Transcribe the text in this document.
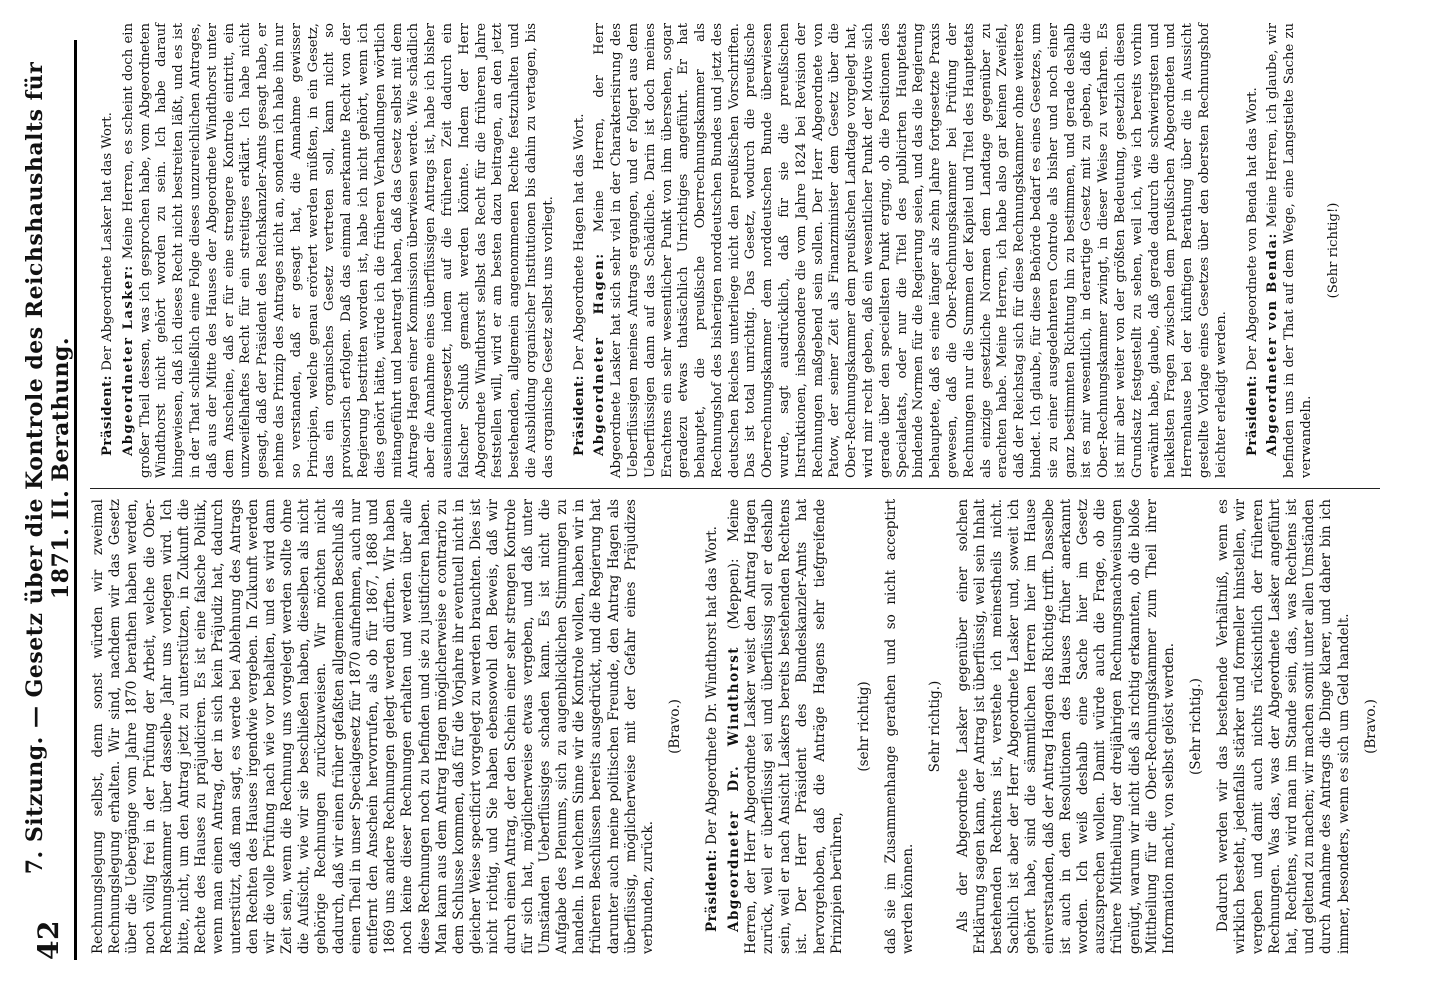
42
7. Sitzung. — Gesetz über die Kontrole des Reichshaushalts für 1871. II. Berathung.

Rechnungslegung selbst, denn sonst würden wir zweimal Rechnungslegung erhalten. Wir sind, nachdem wir das Gesetz über die Uebergänge vom Jahre 1870 berathen haben werden, noch völlig frei in der Prüfung der Arbeit, welche die Ober-Rechnungskammer über dasselbe Jahr uns vorlegen wird. Ich bitte, nicht, um den Antrag jetzt zu unterstützen, in Zukunft die Rechte des Hauses zu präjudiciren. Es ist eine falsche Politik, wenn man einen Antrag, der in sich kein Präjudiz hat, dadurch unterstützt, daß man sagt, es werde bei Ablehnung des Antrags den Rechten des Hauses irgendwie vergeben. In Zukunft werden wir die volle Prüfung nach wie vor behalten, und es wird dann Zeit sein, wenn die Rechnung uns vorgelegt werden sollte ohne die Aufsicht, wie wir sie beschließen haben, dieselben als nicht gehörige Rechnungen zurückzuweisen. Wir möchten nicht dadurch, daß wir einen früher gefaßten allgemeinen Beschluß als einen Theil in unser Specialgesetz für 1870 aufnehmen, auch nur entfernt den Anschein hervorrufen, als ob für 1867, 1868 und 1869 uns andere Rechnungen gelegt werden dürften. Wir haben noch keine dieser Rechnungen erhalten und werden über alle diese Rechnungen noch zu befinden und sie zu justificiren haben. Man kann aus dem Antrag Hagen möglicherweise e contrario zu dem Schlusse kommen, daß für die Vorjahre ihr eventuell nicht in gleicher Weise specificirt vorgelegt zu werden brauchten. Dies ist nicht richtig, und Sie haben ebensowohl den Beweis, daß wir durch einen Antrag, der den Schein einer sehr strengen Kontrole für sich hat, möglicherweise etwas vergeben, und daß unter Umständen Ueberflüssiges schaden kann. Es ist nicht die Aufgabe des Plenums, sich zu augenblicklichen Stimmungen zu handeln. In welchem Sinne wir die Kontrole wollen, haben wir in früheren Beschlüssen bereits ausgedrückt, und die Regierung hat darunter auch meine politischen Freunde, den Antrag Hagen als überflüssig, möglicherweise mit der Gefahr eines Präjudizes verbunden, zurück.

(Bravo.)

Präsident: Der Abgeordnete Dr. Windthorst hat das Wort. Abgeordneter Dr. Windthorst (Meppen): Meine Herren, der Herr Abgeordnete Lasker weist den Antrag Hagen zurück, weil er überflüssig sei und überflüssig soll er deshalb sein, weil er nach Ansicht Laskers bereits bestehenden Rechtens ist. Der Herr Präsident des Bundeskanzler-Amts hat hervorgehoben, daß die Anträge Hagens sehr tiefgreifende Prinzipien berühren,

(sehr richtig) daß sie im Zusammenhange gerathen und so nicht acceptirt werden können.

Sehr richtig.) Als der Abgeordnete Lasker gegenüber einer solchen Erklärung sagen kann, der Antrag ist überflüssig, weil sein Inhalt bestehenden Rechtens ist, verstehe ich meinestheils nicht. Sachlich ist aber der Herr Abgeordnete Lasker und, soweit ich gehört habe, sind die sämmtlichen Herren hier im Hause einverstanden, daß der Antrag Hagen das Richtige trifft. Dasselbe ist auch in den Resolutionen des Hauses früher anerkannt worden. Ich weiß deshalb eine Sache hier im Gesetz auszusprechen wollen. Damit würde auch die Frage, ob die frühere Mittheilung der dreijährigen Rechnungsnachweisungen genügt, warum wir nicht dieß als richtig erkannten, ob die bloße Mittheilung für die Ober-Rechnungskammer zum Theil ihrer Information macht, von selbst gelöst werden. (Sehr richtig.) Dadurch werden wir das bestehende Verhältniß, wenn es wirklich besteht, jedenfalls stärker und formeller hinstellen, wir vergeben und damit auch nichts rücksichtlich der früheren Rechnungen. Was das, was der Abgeordnete Lasker angeführt hat, Rechtens, wird man im Stande sein, das, was Rechtens ist und geltend zu machen; wir machen somit unter allen Umständen durch Annahme des Antrags die Dinge klarer, und daher bin ich immer, besonders, wenn es sich um Geld handelt. (Bravo.)

Präsident: Der Abgeordnete Lasker hat das Wort. Abgeordneter Lasker: Meine Herren, es scheint doch ein großer Theil dessen, was ich gesprochen habe, vom Abgeordneten Windthorst nicht gehört worden zu sein. Ich habe darauf hingewiesen, daß ich dieses Recht nicht bestreiten läßt, und es ist in der That schließlich eine Folge dieses unzureichlichen Antrages, daß aus der Mitte des Hauses der Abgeordnete Windthorst unter dem Anscheine, daß er für eine strengere Kontrole eintritt, ein unzweifelhaftes Recht für ein streitiges erklärt. Ich habe nicht gesagt, daß der Präsident des Reichskanzler-Amts gesagt habe, er nehme das Prinzip des Antrages nicht an, sondern ich habe ihn nur so verstanden, daß er gesagt hat, die Annahme gewisser Principien, welche genau erörtert werden müßten, in ein Gesetz, das ein organisches Gesetz vertreten soll, kann nicht so provisorisch erfolgen. Daß das einmal anerkannte Recht von der Regierung bestritten worden ist, habe ich nicht gehört, wenn ich dies gehört hätte, würde ich die früheren Verhandlungen wörtlich mitangeführt und beantragt haben, daß das Gesetz selbst mit dem Antrage Hagen einer Kommission überwiesen werde. Wie schädlich aber die Annahme eines überflüssigen Antrags ist, habe ich bisher auseinandergesetzt, indem auf die früheren Zeit dadurch ein falscher Schluß gemacht werden könnte. Indem der Herr Abgeordnete Windthorst selbst das Recht für die früheren Jahre feststellen will, wird er am besten dazu beitragen, an den jetzt bestehenden, allgemein angenommenen Rechte festzuhalten und die Ausbildung organischer Institutionen bis dahin zu vertagen, bis das organische Gesetz selbst uns vorliegt. Präsident: Der Abgeordnete Hagen hat das Wort. Abgeordneter Hagen: Meine Herren, der Herr Abgeordnete Lasker hat sich sehr viel in der Charakterisirung des Ueberflüssigen meines Antrags ergangen, und er folgert aus dem Ueberflüssigen dann auf das Schädliche. Darin ist doch meines Erachtens ein sehr wesentlicher Punkt von ihm übersehen, sogar geradezu etwas thatsächlich Unrichtiges angeführt. Er hat behauptet, die preußische Oberrechnungskammer als Rechnungshof des bisherigen norddeutschen Bundes und jetzt des deutschen Reiches unterliege nicht den preußischen Vorschriften. Das ist total unrichtig. Das Gesetz, wodurch die preußische Oberrechnungskammer dem norddeutschen Bunde überwiesen wurde, sagt ausdrücklich, daß für sie die preußischen Instruktionen, insbesondere die vom Jahre 1824 bei Revision der Rechnungen maßgebend sein sollen. Der Herr Abgeordnete von Patow, der seiner Zeit als Finanzminister dem Gesetz über die Ober-Rechnungskammer dem preußischen Landtage vorgelegt hat, wird mir recht geben, daß ein wesentlicher Punkt der Motive sich gerade über den speciellsten Punkt erging, ob die Positionen des Specialetats, oder nur die Titel des publicirten Hauptetats bindende Normen für die Regierung seien, und das die Regierung behauptete, daß es eine länger als zehn Jahre fortgesetzte Praxis gewesen, daß die Ober-Rechnungskammer bei Prüfung der Rechnungen nur die Summen der Kapitel und Titel des Hauptetats als einzige gesetzliche Normen dem Landtage gegenüber zu erachten habe. Meine Herren, ich habe also gar keinen Zweifel, daß der Reichstag sich für diese Rechnungskammer ohne weiteres bindet. Ich glaube, für diese Behörde bedarf es eines Gesetzes, um sie zu einer ausgedehnteren Controle als bisher und noch einer ganz bestimmten Richtung hin zu bestimmen, und gerade deshalb ist es mir wesentlich, in derartige Gesetz mit zu geben, daß die Ober-Rechnungskammer zwingt, in dieser Weise zu verfahren. Es ist mir aber weiter von der größten Bedeutung, gesetzlich diesen Grundsatz festgestellt zu sehen, weil ich, wie ich bereits vorhin erwähnt habe, glaube, daß gerade dadurch die schwierigsten und heikelsten Fragen zwischen dem preußischen Abgeordneten und Herrenhause bei der künftigen Berathung über die in Aussicht gestellte Vorlage eines Gesetzes über den obersten Rechnungshof leichter erledigt werden. Präsident: Der Abgeordnete von Benda hat das Wort. Abgeordneter von Benda: Meine Herren, ich glaube, wir befinden uns in der That auf dem Wege, eine Langstielte Sache zu verwandeln.

(Sehr richtig!)
